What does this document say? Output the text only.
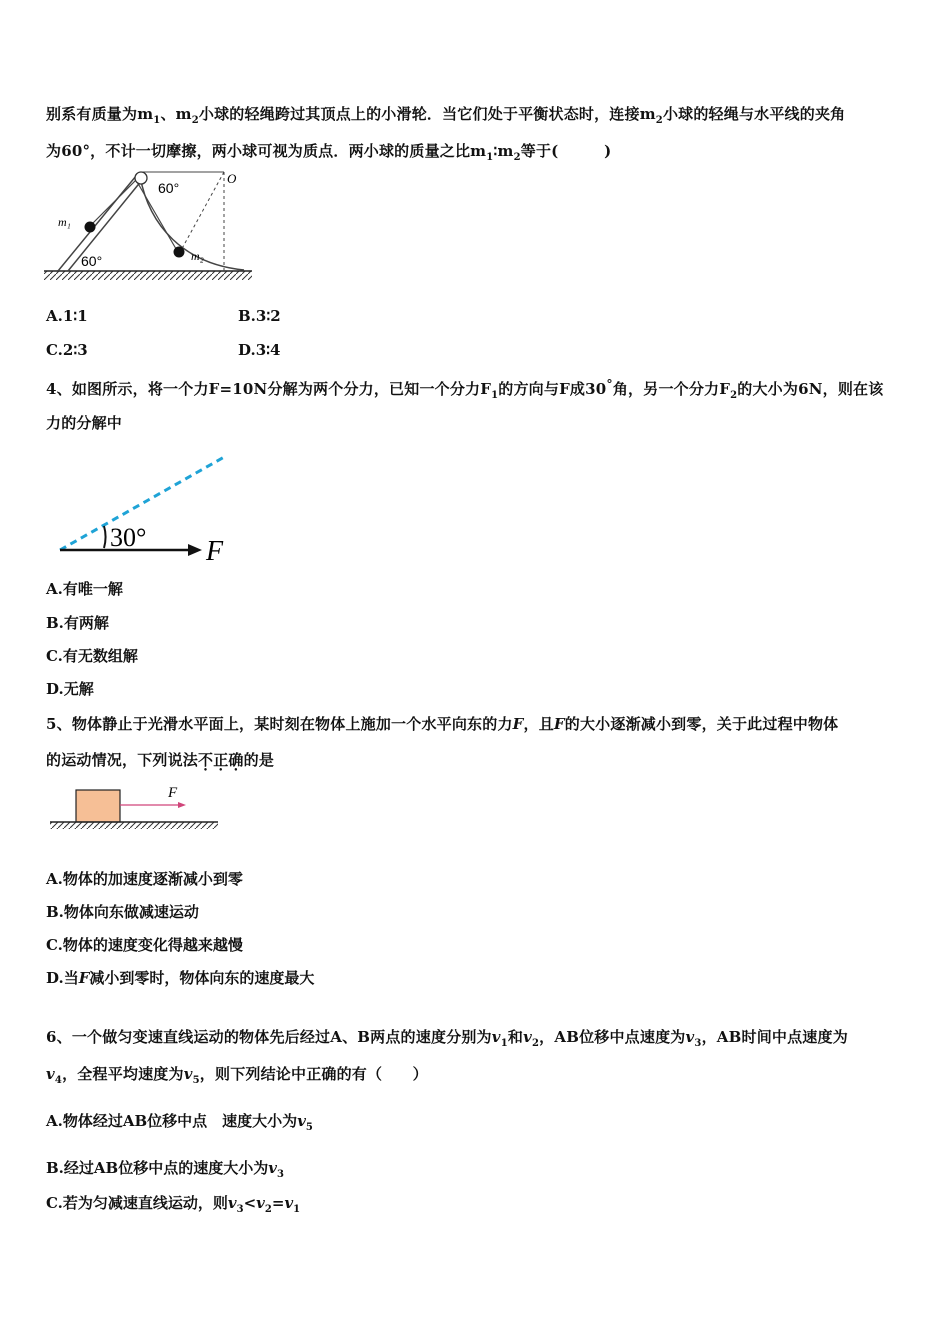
别系有质量为$m_1$、$m_2$小球的轻绳跨过其顶点上的小滑轮．当它们处于平衡状态时，连接$m_2$小球的轻绳与水平线的夹角
为60°，不计一切摩擦，两小球可视为质点．两小球的质量之比$m_1∶m_2$等于(　　　)
m₁
m₂
60°
60°
O
A.1∶1	B.3∶2
C.2∶3	D.3∶4
4、如图所示，将一个力F=10N分解为两个分力，已知一个分力$F_1$的方向与F成30°角，另一个分力$F_2$的大小为6N，则在该
力的分解中
30° F
A.有唯一解
B.有两解
C.有无数组解
D.无解
5、物体静止于光滑水平面上，某时刻在物体上施加一个水平向东的力F，且F的大小逐渐减小到零，关于此过程中物体
的运动情况，下列说法不正确的是
F
A.物体的加速度逐渐减小到零
B.物体向东做减速运动
C.物体的速度变化得越来越慢
D.当F减小到零时，物体向东的速度最大
6、一个做匀变速直线运动的物体先后经过A、B两点的速度分别为$v_1$和$v_2$，AB位移中点速度为$v_3$，AB时间中点速度为
$v_4$，全程平均速度为$v_5$，则下列结论中正确的有（　　）
A.物体经过AB位移中点　速度大小为$v_5$
B.经过AB位移中点的速度大小为$v_3$
C.若为匀减速直线运动，则$v_3<v_2=v_1$
